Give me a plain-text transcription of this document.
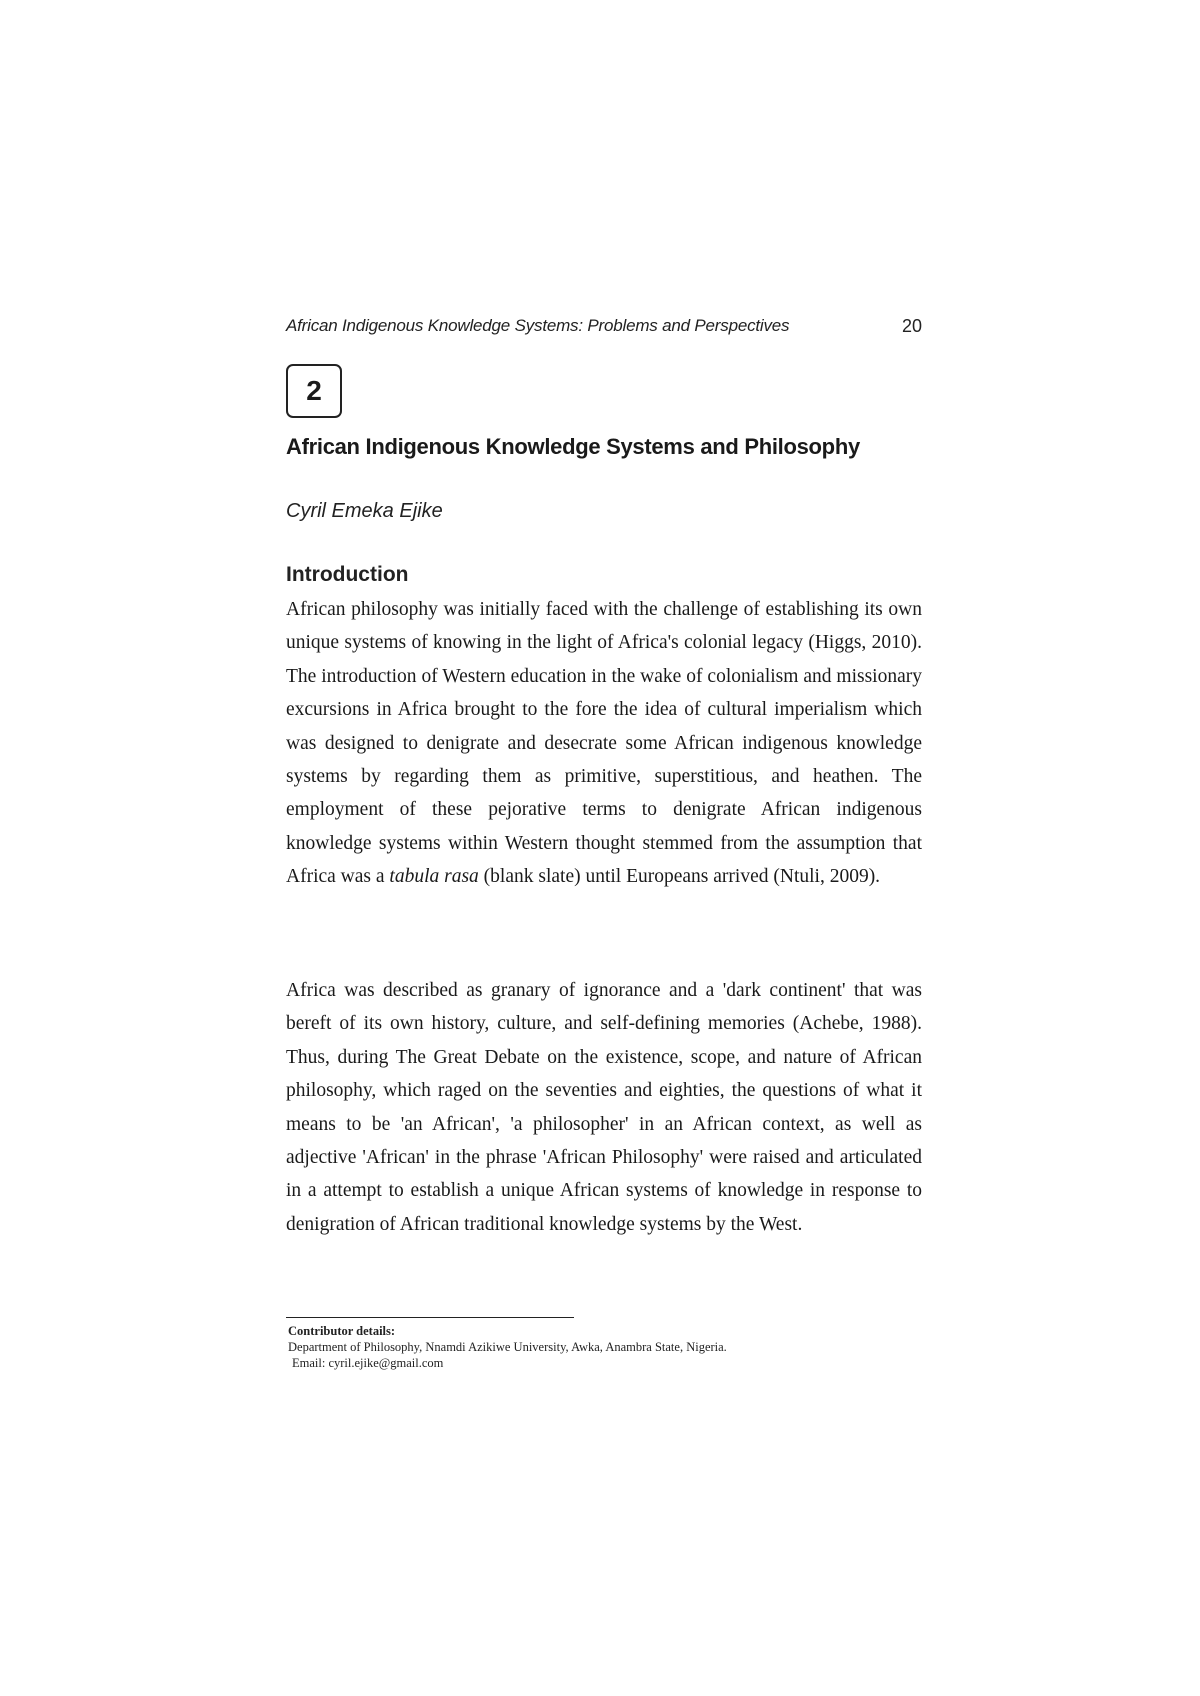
African Indigenous Knowledge Systems: Problems and Perspectives	20
2
African Indigenous Knowledge Systems and Philosophy

Cyril Emeka Ejike

Introduction

African philosophy was initially faced with the challenge of establishing its own unique systems of knowing in the light of Africa's colonial legacy (Higgs, 2010). The introduction of Western education in the wake of colonialism and missionary excursions in Africa brought to the fore the idea of cultural imperialism which was designed to denigrate and desecrate some African indigenous knowledge systems by regarding them as primitive, superstitious, and heathen. The employment of these pejorative terms to denigrate African indigenous knowledge systems within Western thought stemmed from the assumption that Africa was a tabula rasa (blank slate) until Europeans arrived (Ntuli, 2009).

Africa was described as granary of ignorance and a 'dark continent' that was bereft of its own history, culture, and self-defining memories (Achebe, 1988). Thus, during The Great Debate on the existence, scope, and nature of African philosophy, which raged on the seventies and eighties, the questions of what it means to be 'an African', 'a philosopher' in an African context, as well as adjective 'African' in the phrase 'African Philosophy' were raised and articulated in a attempt to establish a unique African systems of knowledge in response to denigration of African traditional knowledge systems by the West.

Contributor details:
Department of Philosophy, Nnamdi Azikiwe University, Awka, Anambra State, Nigeria.
Email: cyril.ejike@gmail.com
